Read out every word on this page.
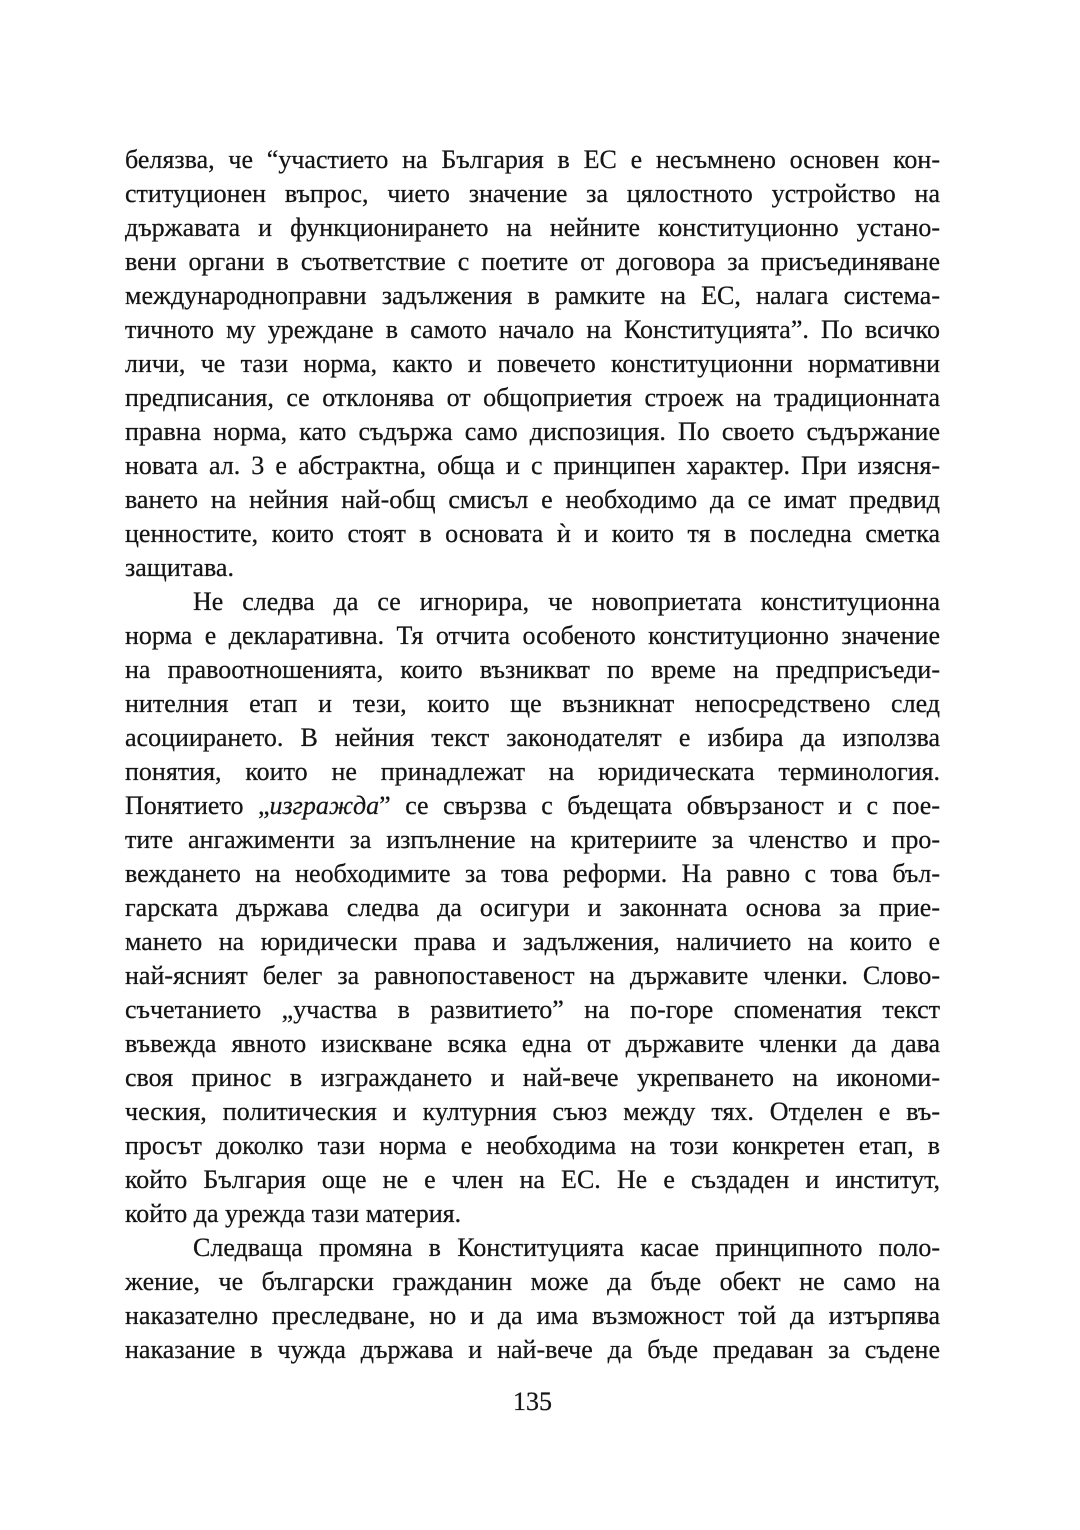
белязва, че “участието на България в ЕС е несъмнено основен кон-
ституционен въпрос, чието значение за цялостното устройство на
държавата и функционирането на нейните конституционно устано-
вени органи в съответствие с поетите от договора за присъединяване
международноправни задължения в рамките на ЕС, налага система-
тичното му уреждане в самото начало на Конституцията”. По всичко
личи, че тази норма, както и повечето конституционни нормативни
предписания, се отклонява от общоприетия строеж на традиционната
правна норма, като съдържа само диспозиция. По своето съдържание
новата ал. 3 е абстрактна, обща и с принципен характер. При изясня-
ването на нейния най-общ смисъл е необходимо да се имат предвид
ценностите, които стоят в основата ѝ и които тя в последна сметка
защитава.
Не следва да се игнорира, че новоприетата конституционна
норма е декларативна. Тя отчита особеното конституционно значение
на правоотношенията, които възникват по време на предприсъеди-
нителния етап и тези, които ще възникнат непосредствено след
асоциирането. В нейния текст законодателят е избира да използва
понятия, които не принадлежат на юридическата терминология.
Понятието „изгражда” се свързва с бъдещата обвързаност и с пое-
тите ангажименти за изпълнение на критериите за членство и про-
веждането на необходимите за това реформи. На равно с това бъл-
гарската държава следва да осигури и законната основа за прие-
мането на юридически права и задължения, наличието на които е
най-ясният белег за равнопоставеност на държавите членки. Слово-
съчетанието „участва в развитието” на по-горе споменатия текст
въвежда явното изискване всяка една от държавите членки да дава
своя принос в изграждането и най-вече укрепването на икономи-
ческия, политическия и културния съюз между тях. Отделен е въ-
просът доколко тази норма е необходима на този конкретен етап, в
който България още не е член на ЕС. Не е създаден и институт,
който да урежда тази материя.
Следваща промяна в Конституцията касае принципното поло-
жение, че български гражданин може да бъде обект не само на
наказателно преследване, но и да има възможност той да изтърпява
наказание в чужда държава и най-вече да бъде предаван за съдене
135
